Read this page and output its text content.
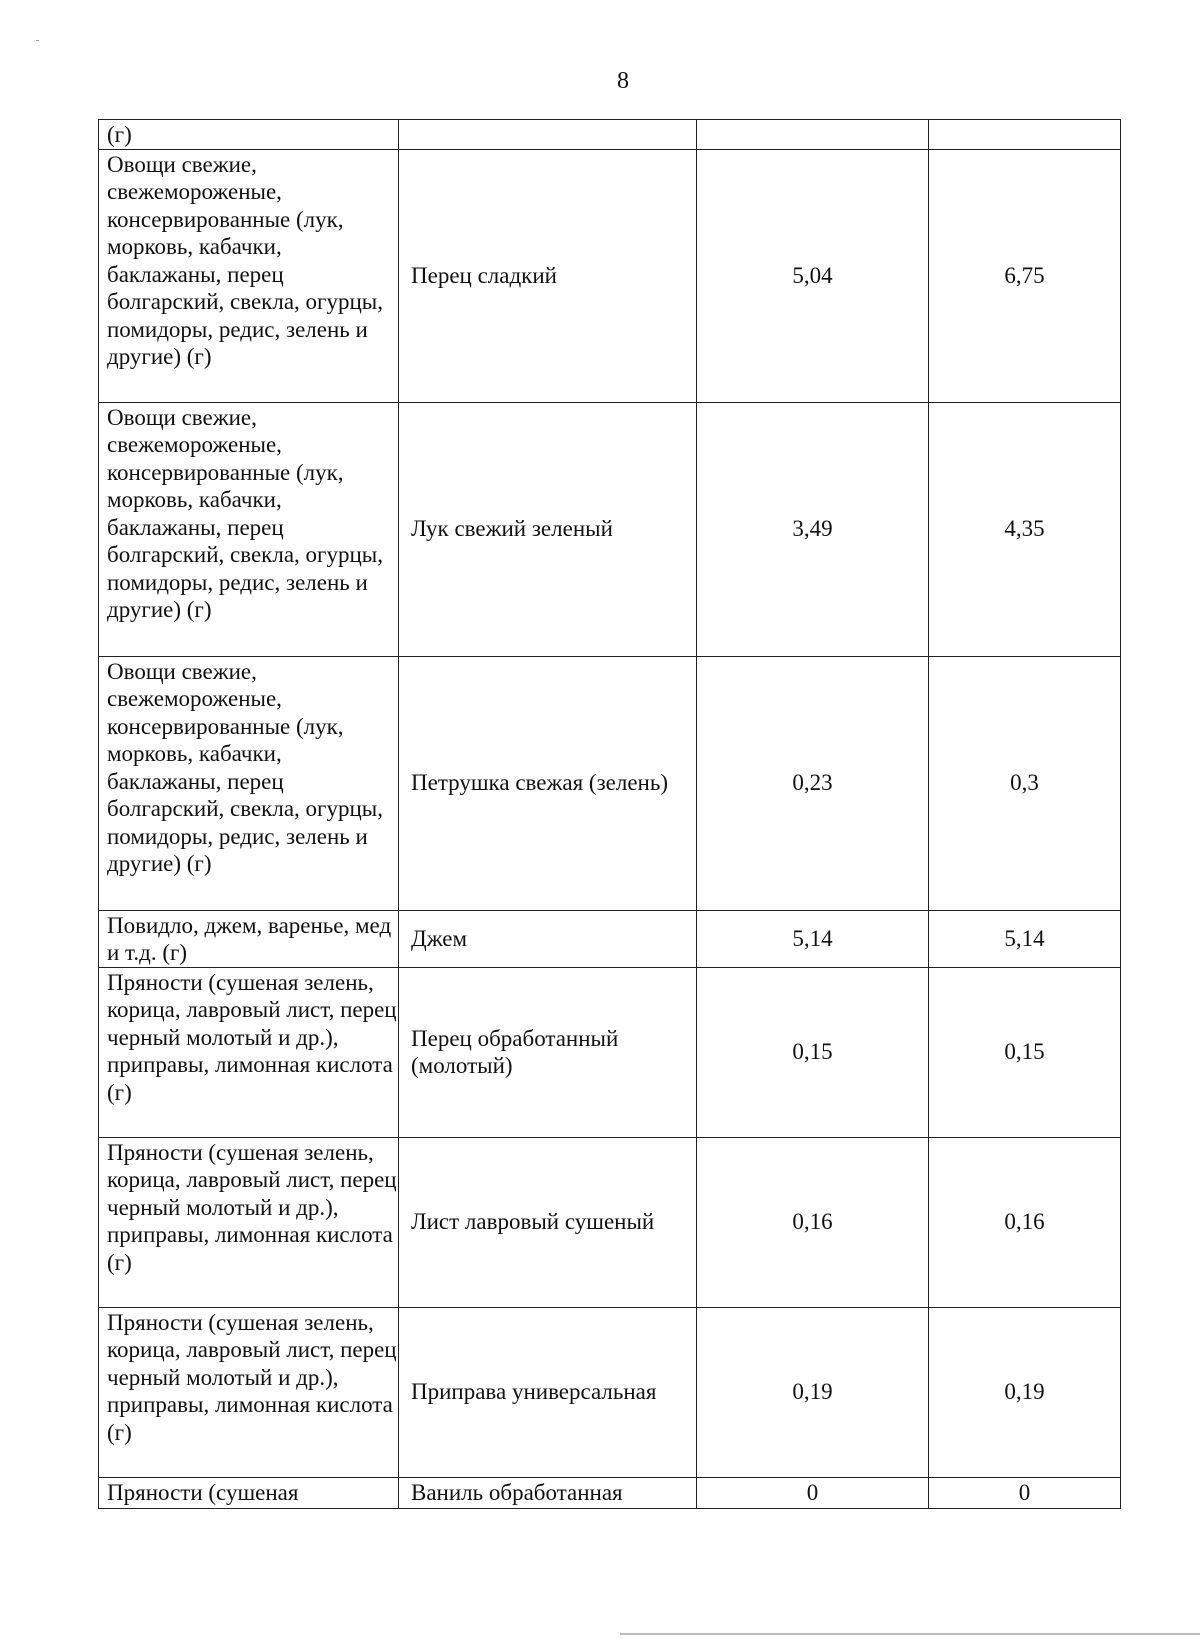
8
(г)			
Овощи свежие, свежемороженые, консервированные (лук, морковь, кабачки, баклажаны, перец болгарский, свекла, огурцы, помидоры, редис, зелень и другие) (г)	Перец сладкий	5,04	6,75
Овощи свежие, свежемороженые, консервированные (лук, морковь, кабачки, баклажаны, перец болгарский, свекла, огурцы, помидоры, редис, зелень и другие) (г)	Лук свежий зеленый	3,49	4,35
Овощи свежие, свежемороженые, консервированные (лук, морковь, кабачки, баклажаны, перец болгарский, свекла, огурцы, помидоры, редис, зелень и другие) (г)	Петрушка свежая (зелень)	0,23	0,3
Повидло, джем, варенье, мед и т.д. (г)	Джем	5,14	5,14
Пряности (сушеная зелень, корица, лавровый лист, перец черный молотый и др.), приправы, лимонная кислота (г)	Перец обработанный (молотый)	0,15	0,15
Пряности (сушеная зелень, корица, лавровый лист, перец черный молотый и др.), приправы, лимонная кислота (г)	Лист лавровый сушеный	0,16	0,16
Пряности (сушеная зелень, корица, лавровый лист, перец черный молотый и др.), приправы, лимонная кислота (г)	Приправа универсальная	0,19	0,19
Пряности (сушеная	Ваниль обработанная	0	0
